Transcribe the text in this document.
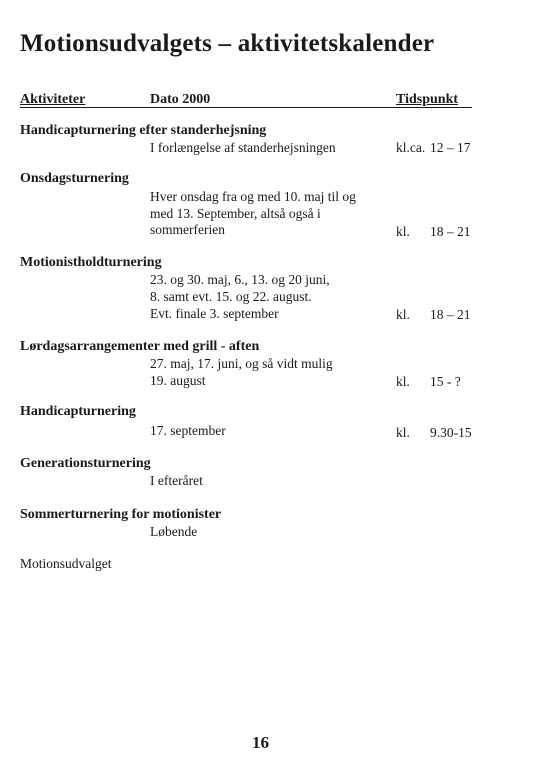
Motionsudvalgets – aktivitetskalender
Aktiviteter	Dato 2000	Tidspunkt
Handicapturnering efter standerhejsning
I forlængelse af standerhejsningen	kl.ca. 12 – 17
Onsdagsturnering
Hver onsdag fra og med 10. maj til og
med 13. September, altså også i
sommerferien	kl. 18 – 21
Motionistholdturnering
23. og 30. maj, 6., 13. og 20 juni,
8. samt evt. 15. og 22. august.
Evt. finale 3. september	kl. 18 – 21
Lørdagsarrangementer med grill - aften
27. maj, 17. juni, og så vidt mulig
19. august	kl. 15 - ?
Handicapturnering
17. september	kl. 9.30-15
Generationsturnering
I efteråret
Sommerturnering for motionister
Løbende
Motionsudvalget
16
